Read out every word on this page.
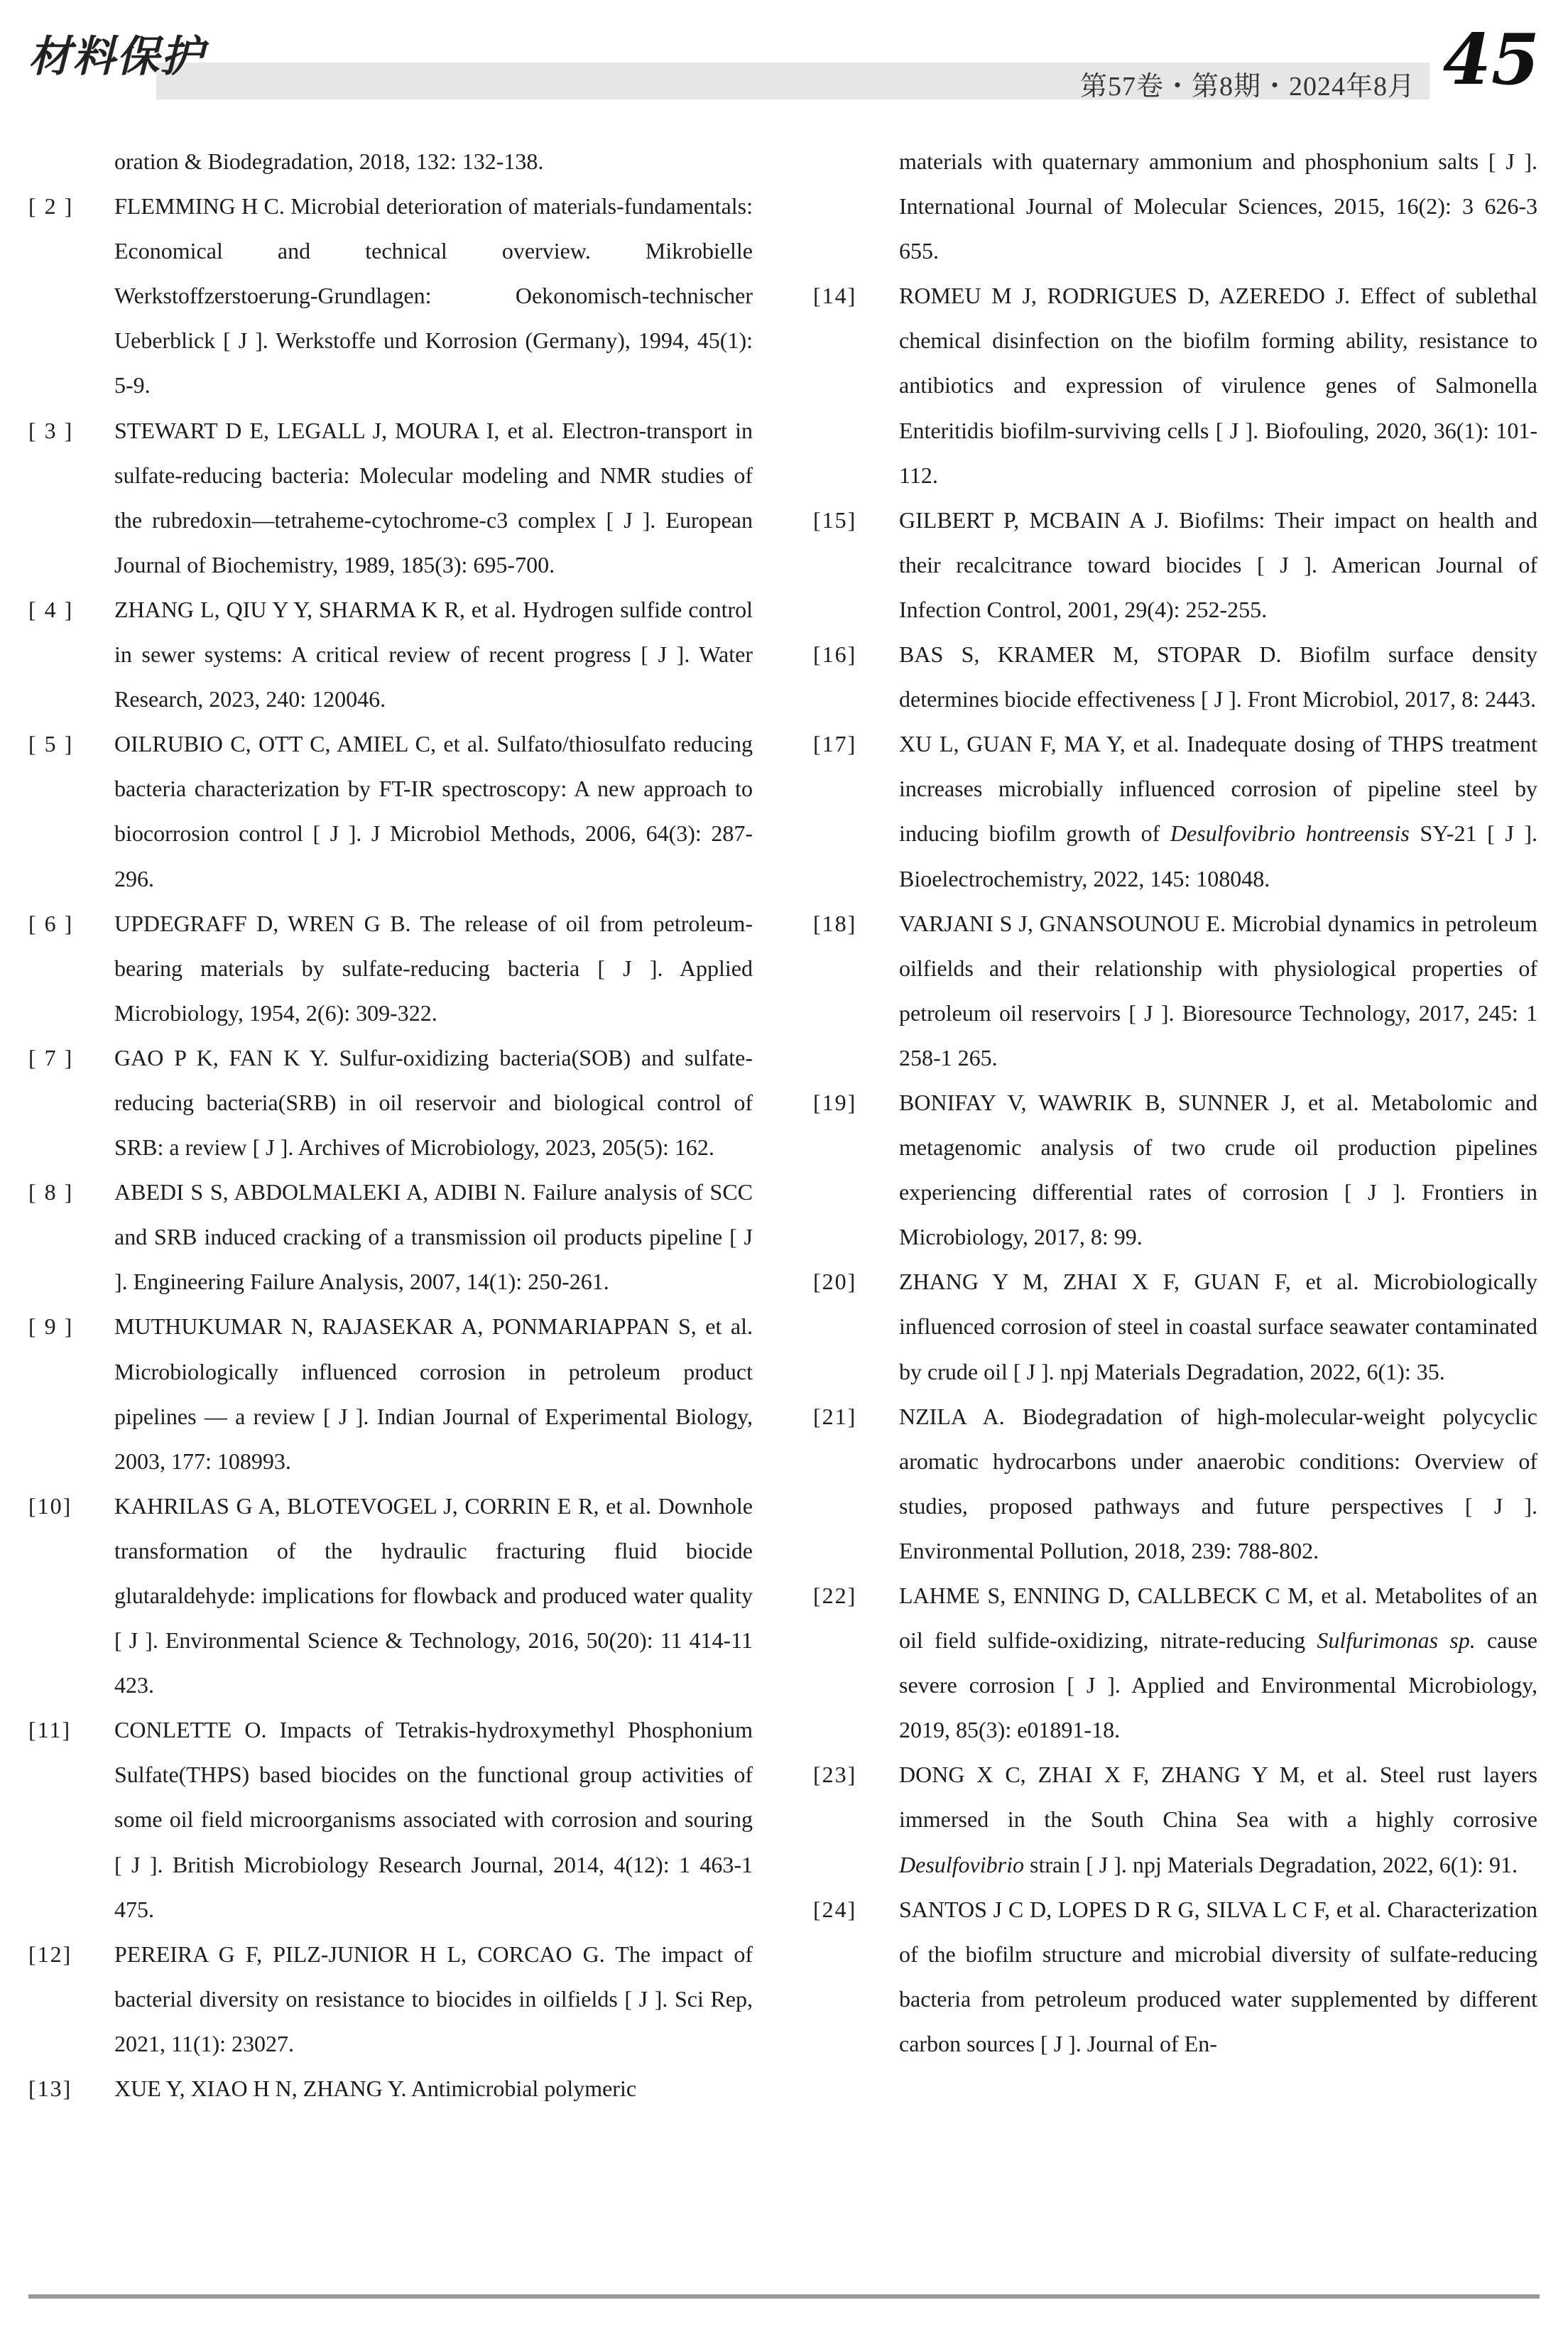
材料保护
第57卷・第8期・2024年8月 45
oration & Biodegradation, 2018, 132: 132-138.
[ 2 ]	FLEMMING H C. Microbial deterioration of materials-fundamentals: Economical and technical overview. Mikrobielle Werkstoffzerstoerung-Grundlagen: Oekonomisch-technischer Ueberblick [ J ]. Werkstoffe und Korrosion (Germany), 1994, 45(1): 5-9.
[ 3 ]	STEWART D E, LEGALL J, MOURA I, et al. Electron-transport in sulfate-reducing bacteria: Molecular modeling and NMR studies of the rubredoxin—tetraheme-cytochrome-c3 complex [ J ]. European Journal of Biochemistry, 1989, 185(3): 695-700.
[ 4 ]	ZHANG L, QIU Y Y, SHARMA K R, et al. Hydrogen sulfide control in sewer systems: A critical review of recent progress [ J ]. Water Research, 2023, 240: 120046.
[ 5 ]	OILRUBIO C, OTT C, AMIEL C, et al. Sulfato/thiosulfato reducing bacteria characterization by FT-IR spectroscopy: A new approach to biocorrosion control [ J ]. J Microbiol Methods, 2006, 64(3): 287-296.
[ 6 ]	UPDEGRAFF D, WREN G B. The release of oil from petroleum-bearing materials by sulfate-reducing bacteria [ J ]. Applied Microbiology, 1954, 2(6): 309-322.
[ 7 ]	GAO P K, FAN K Y. Sulfur-oxidizing bacteria(SOB) and sulfate-reducing bacteria(SRB) in oil reservoir and biological control of SRB: a review [ J ]. Archives of Microbiology, 2023, 205(5): 162.
[ 8 ]	ABEDI S S, ABDOLMALEKI A, ADIBI N. Failure analysis of SCC and SRB induced cracking of a transmission oil products pipeline [ J ]. Engineering Failure Analysis, 2007, 14(1): 250-261.
[ 9 ]	MUTHUKUMAR N, RAJASEKAR A, PONMARIAPPAN S, et al. Microbiologically influenced corrosion in petroleum product pipelines — a review [ J ]. Indian Journal of Experimental Biology, 2003, 177: 108993.
[10]	KAHRILAS G A, BLOTEVOGEL J, CORRIN E R, et al. Downhole transformation of the hydraulic fracturing fluid biocide glutaraldehyde: implications for flowback and produced water quality [ J ]. Environmental Science & Technology, 2016, 50(20): 11 414-11 423.
[11]	CONLETTE O. Impacts of Tetrakis-hydroxymethyl Phosphonium Sulfate(THPS) based biocides on the functional group activities of some oil field microorganisms associated with corrosion and souring [ J ]. British Microbiology Research Journal, 2014, 4(12): 1 463-1 475.
[12]	PEREIRA G F, PILZ-JUNIOR H L, CORCAO G. The impact of bacterial diversity on resistance to biocides in oilfields [ J ]. Sci Rep, 2021, 11(1): 23027.
[13]	XUE Y, XIAO H N, ZHANG Y. Antimicrobial polymeric
materials with quaternary ammonium and phosphonium salts [ J ]. International Journal of Molecular Sciences, 2015, 16(2): 3 626-3 655.
[14]	ROMEU M J, RODRIGUES D, AZEREDO J. Effect of sublethal chemical disinfection on the biofilm forming ability, resistance to antibiotics and expression of virulence genes of Salmonella Enteritidis biofilm-surviving cells [ J ]. Biofouling, 2020, 36(1): 101-112.
[15]	GILBERT P, MCBAIN A J. Biofilms: Their impact on health and their recalcitrance toward biocides [ J ]. American Journal of Infection Control, 2001, 29(4): 252-255.
[16]	BAS S, KRAMER M, STOPAR D. Biofilm surface density determines biocide effectiveness [ J ]. Front Microbiol, 2017, 8: 2443.
[17]	XU L, GUAN F, MA Y, et al. Inadequate dosing of THPS treatment increases microbially influenced corrosion of pipeline steel by inducing biofilm growth of Desulfovibrio hontreensis SY-21 [ J ]. Bioelectrochemistry, 2022, 145: 108048.
[18]	VARJANI S J, GNANSOUNOU E. Microbial dynamics in petroleum oilfields and their relationship with physiological properties of petroleum oil reservoirs [ J ]. Bioresource Technology, 2017, 245: 1 258-1 265.
[19]	BONIFAY V, WAWRIK B, SUNNER J, et al. Metabolomic and metagenomic analysis of two crude oil production pipelines experiencing differential rates of corrosion [ J ]. Frontiers in Microbiology, 2017, 8: 99.
[20]	ZHANG Y M, ZHAI X F, GUAN F, et al. Microbiologically influenced corrosion of steel in coastal surface seawater contaminated by crude oil [ J ]. npj Materials Degradation, 2022, 6(1): 35.
[21]	NZILA A. Biodegradation of high-molecular-weight polycyclic aromatic hydrocarbons under anaerobic conditions: Overview of studies, proposed pathways and future perspectives [ J ]. Environmental Pollution, 2018, 239: 788-802.
[22]	LAHME S, ENNING D, CALLBECK C M, et al. Metabolites of an oil field sulfide-oxidizing, nitrate-reducing Sulfurimonas sp. cause severe corrosion [ J ]. Applied and Environmental Microbiology, 2019, 85(3): e01891-18.
[23]	DONG X C, ZHAI X F, ZHANG Y M, et al. Steel rust layers immersed in the South China Sea with a highly corrosive Desulfovibrio strain [ J ]. npj Materials Degradation, 2022, 6(1): 91.
[24]	SANTOS J C D, LOPES D R G, SILVA L C F, et al. Characterization of the biofilm structure and microbial diversity of sulfate-reducing bacteria from petroleum produced water supplemented by different carbon sources [ J ]. Journal of En-
